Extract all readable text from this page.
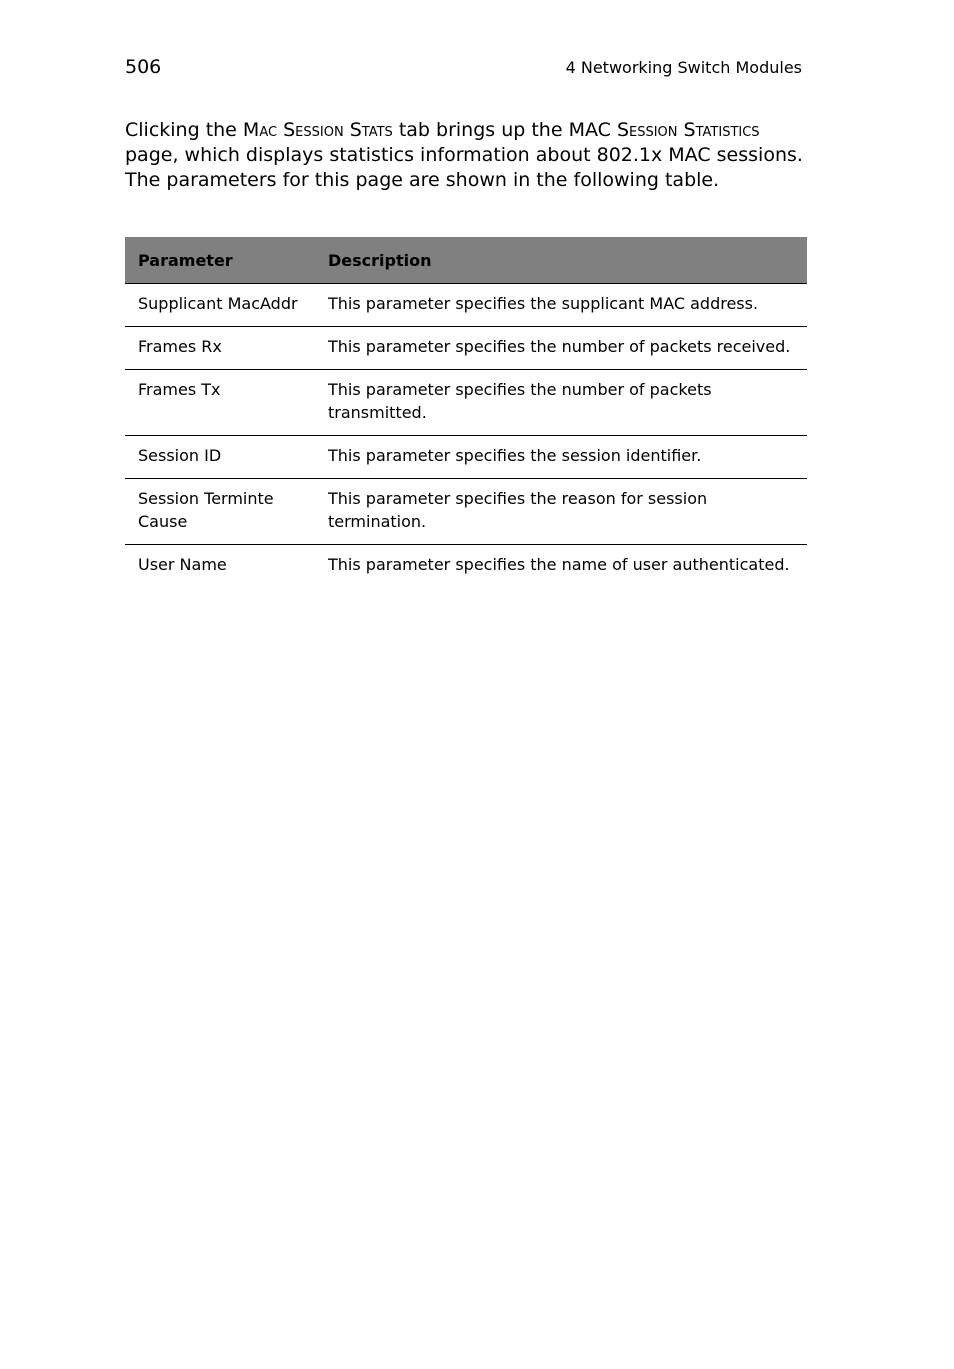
506	4 Networking Switch Modules

Clicking the Mac Session Stats tab brings up the MAC Session Statistics page, which displays statistics information about 802.1x MAC sessions. The parameters for this page are shown in the following table.

Parameter	Description
Supplicant MacAddr	This parameter specifies the supplicant MAC address.
Frames Rx	This parameter specifies the number of packets received.
Frames Tx	This parameter specifies the number of packets transmitted.
Session ID	This parameter specifies the session identifier.
Session Terminte Cause	This parameter specifies the reason for session termination.
User Name	This parameter specifies the name of user authenticated.
